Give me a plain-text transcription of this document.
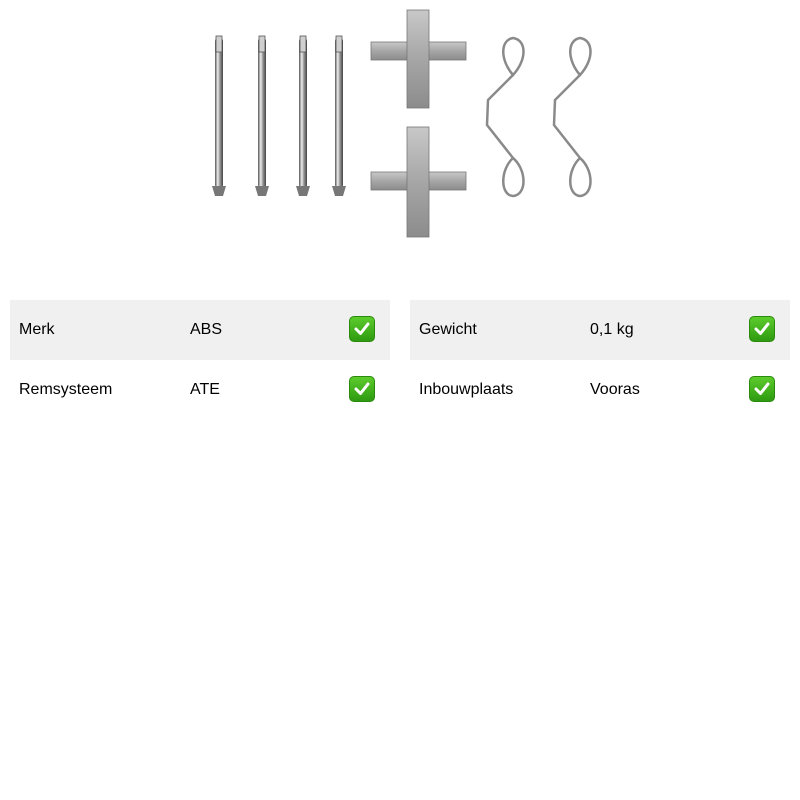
Merk	ABS
Remsysteem	ATE
Gewicht	0,1 kg
Inbouwplaats	Vooras
